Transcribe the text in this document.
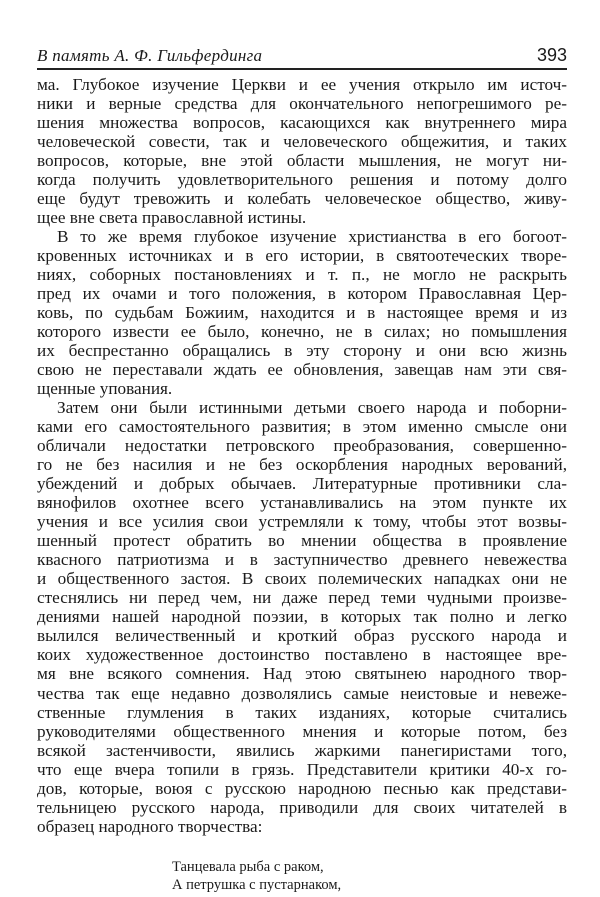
В память А. Ф. Гильфердинга	393
ма. Глубокое изучение Церкви и ее учения открыло им источ-
ники и верные средства для окончательного непогрешимого ре-
шения множества вопросов, касающихся как внутреннего мира
человеческой совести, так и человеческого общежития, и таких
вопросов, которые, вне этой области мышления, не могут ни-
когда получить удовлетворительного решения и потому долго
еще будут тревожить и колебать человеческое общество, живу-
щее вне света православной истины.
В то же время глубокое изучение христианства в его богоот-
кровенных источниках и в его истории, в святоотеческих творе-
ниях, соборных постановлениях и т. п., не могло не раскрыть
пред их очами и того положения, в котором Православная Цер-
ковь, по судьбам Божиим, находится и в настоящее время и из
которого извести ее было, конечно, не в силах; но помышления
их беспрестанно обращались в эту сторону и они всю жизнь
свою не переставали ждать ее обновления, завещав нам эти свя-
щенные упования.
Затем они были истинными детьми своего народа и поборни-
ками его самостоятельного развития; в этом именно смысле они
обличали недостатки петровского преобразования, совершенно-
го не без насилия и не без оскорбления народных верований,
убеждений и добрых обычаев. Литературные противники сла-
вянофилов охотнее всего устанавливались на этом пункте их
учения и все усилия свои устремляли к тому, чтобы этот возвы-
шенный протест обратить во мнении общества в проявление
квасного патриотизма и в заступничество древнего невежества
и общественного застоя. В своих полемических нападках они не
стеснялись ни перед чем, ни даже перед теми чудными произве-
дениями нашей народной поэзии, в которых так полно и легко
вылился величественный и кроткий образ русского народа и
коих художественное достоинство поставлено в настоящее вре-
мя вне всякого сомнения. Над этою святынею народного твор-
чества так еще недавно дозволялись самые неистовые и невеже-
ственные глумления в таких изданиях, которые считались
руководителями общественного мнения и которые потом, без
всякой застенчивости, явились жаркими панегиристами того,
что еще вчера топили в грязь. Представители критики 40-х го-
дов, которые, воюя с русскою народною песнью как представи-
тельницею русского народа, приводили для своих читателей в
образец народного творчества:
Танцевала рыба с раком,
А петрушка с пустарнаком,
